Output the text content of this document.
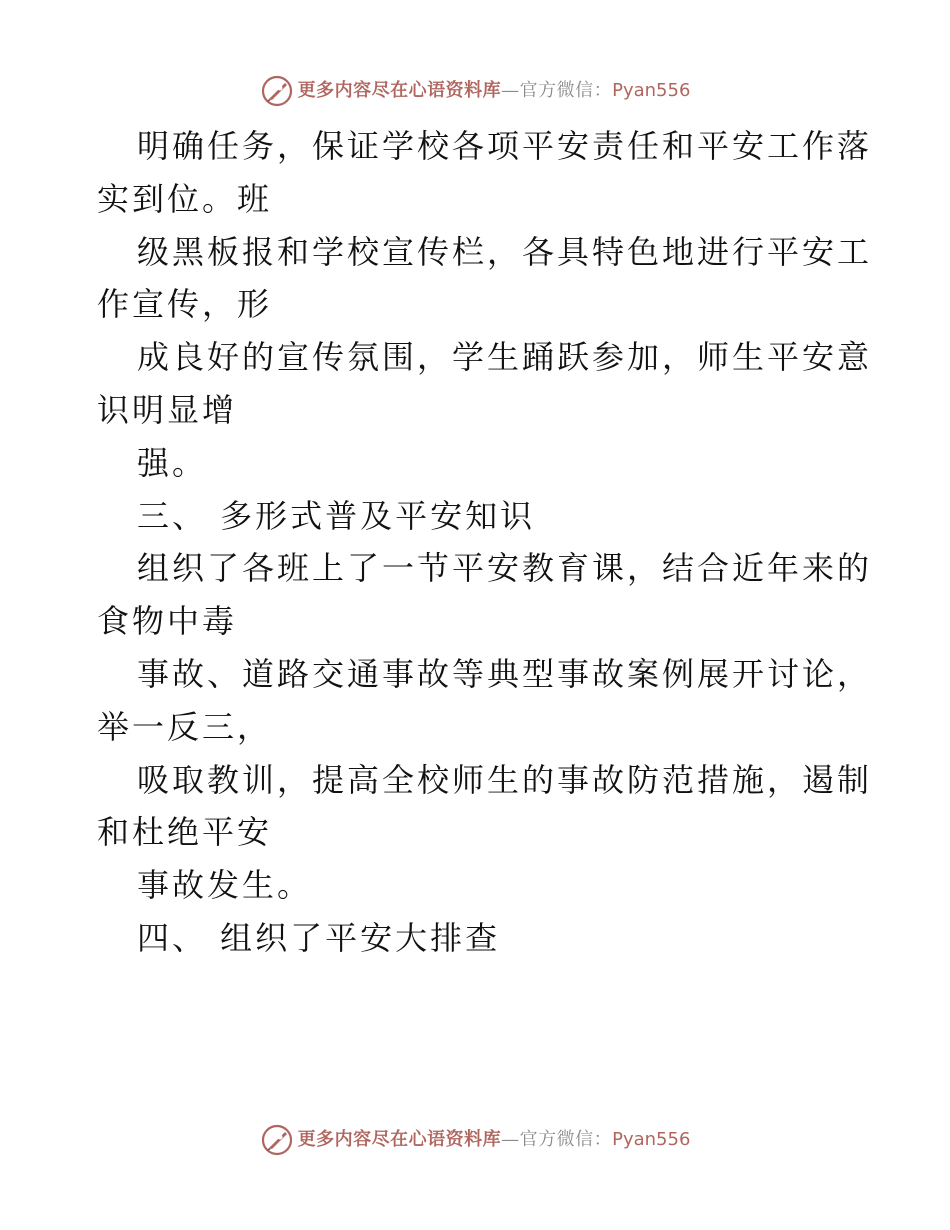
更多内容尽在心语资料库 —官方微信： Pyan556
明确任务，保证学校各项平安责任和平安工作落
实到位。班
级黑板报和学校宣传栏，各具特色地进行平安工
作宣传，形
成良好的宣传氛围，学生踊跃参加，师生平安意
识明显增
强。
三、 多形式普及平安知识
组织了各班上了一节平安教育课，结合近年来的
食物中毒
事故、道路交通事故等典型事故案例展开讨论，
举一反三，
吸取教训，提高全校师生的事故防范措施，遏制
和杜绝平安
事故发生。
四、 组织了平安大排查
更多内容尽在心语资料库 —官方微信： Pyan556
